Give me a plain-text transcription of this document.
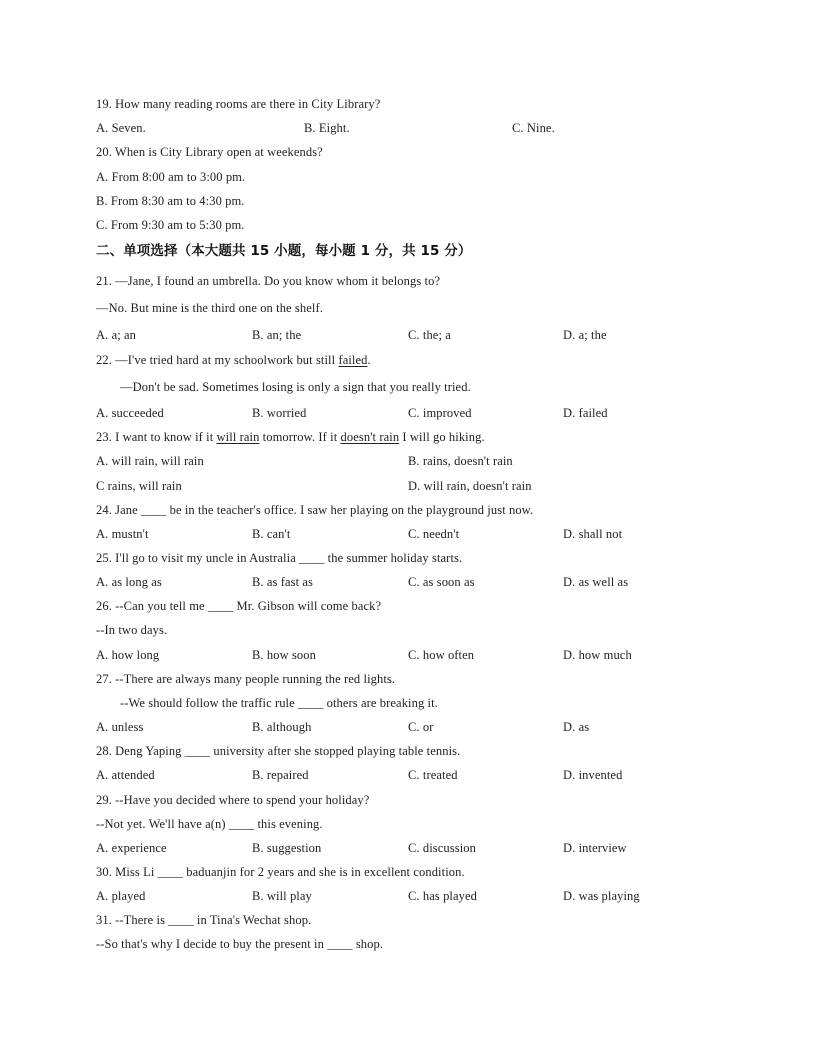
19. How many reading rooms are there in City Library?
A. Seven.	B. Eight.	C. Nine.
20. When is City Library open at weekends?
A. From 8:00 am to 3:00 pm.
B. From 8:30 am to 4:30 pm.
C. From 9:30 am to 5:30 pm.
二、单项选择（本大题共 15 小题，每小题 1 分，共 15 分）
21. —Jane, I found an umbrella. Do you know whom it belongs to?
—No. But mine is the third one on the shelf.
A. a; an	B. an; the	C. the; a	D. a; the
22. —I've tried hard at my schoolwork but still failed.
—Don't be sad. Sometimes losing is only a sign that you really tried.
A. succeeded	B. worried	C. improved	D. failed
23. I want to know if it will rain tomorrow. If it doesn't rain I will go hiking.
A. will rain, will rain	B. rains, doesn't rain
C rains, will rain	D. will rain, doesn't rain
24. Jane ____ be in the teacher's office. I saw her playing on the playground just now.
A. mustn't	B. can't	C. needn't	D. shall not
25. I'll go to visit my uncle in Australia ____ the summer holiday starts.
A. as long as	B. as fast as	C. as soon as	D. as well as
26. --Can you tell me ____ Mr. Gibson will come back?
--In two days.
A. how long	B. how soon	C. how often	D. how much
27. --There are always many people running the red lights.
--We should follow the traffic rule ____ others are breaking it.
A. unless	B. although	C. or	D. as
28. Deng Yaping ____ university after she stopped playing table tennis.
A. attended	B. repaired	C. treated	D. invented
29. --Have you decided where to spend your holiday?
--Not yet. We'll have a(n) ____ this evening.
A. experience	B. suggestion	C. discussion	D. interview
30. Miss Li ____ baduanjin for 2 years and she is in excellent condition.
A. played	B. will play	C. has played	D. was playing
31. --There is ____ in Tina's Wechat shop.
--So that's why I decide to buy the present in ____ shop.
